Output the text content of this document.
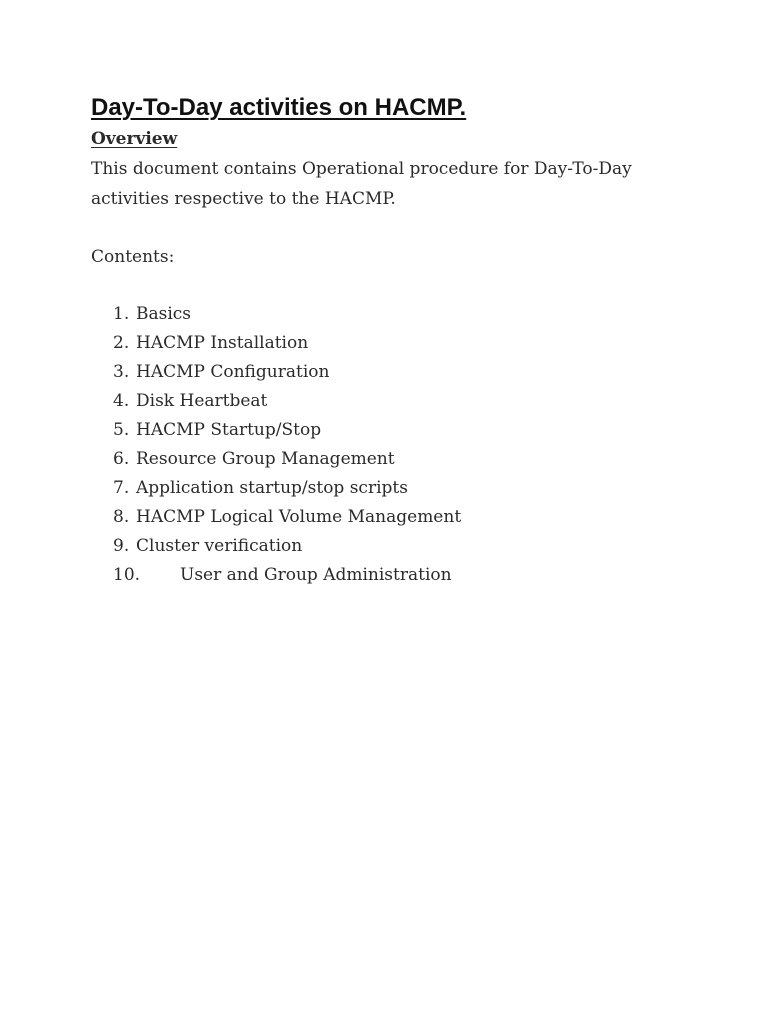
Day-To-Day activities on HACMP.
Overview

This document contains Operational procedure for Day-To-Day activities respective to the HACMP.

Contents:

1. Basics
2. HACMP Installation
3. HACMP Configuration
4. Disk Heartbeat
5. HACMP Startup/Stop
6. Resource Group Management
7. Application startup/stop scripts
8. HACMP Logical Volume Management
9. Cluster verification
10. User and Group Administration
